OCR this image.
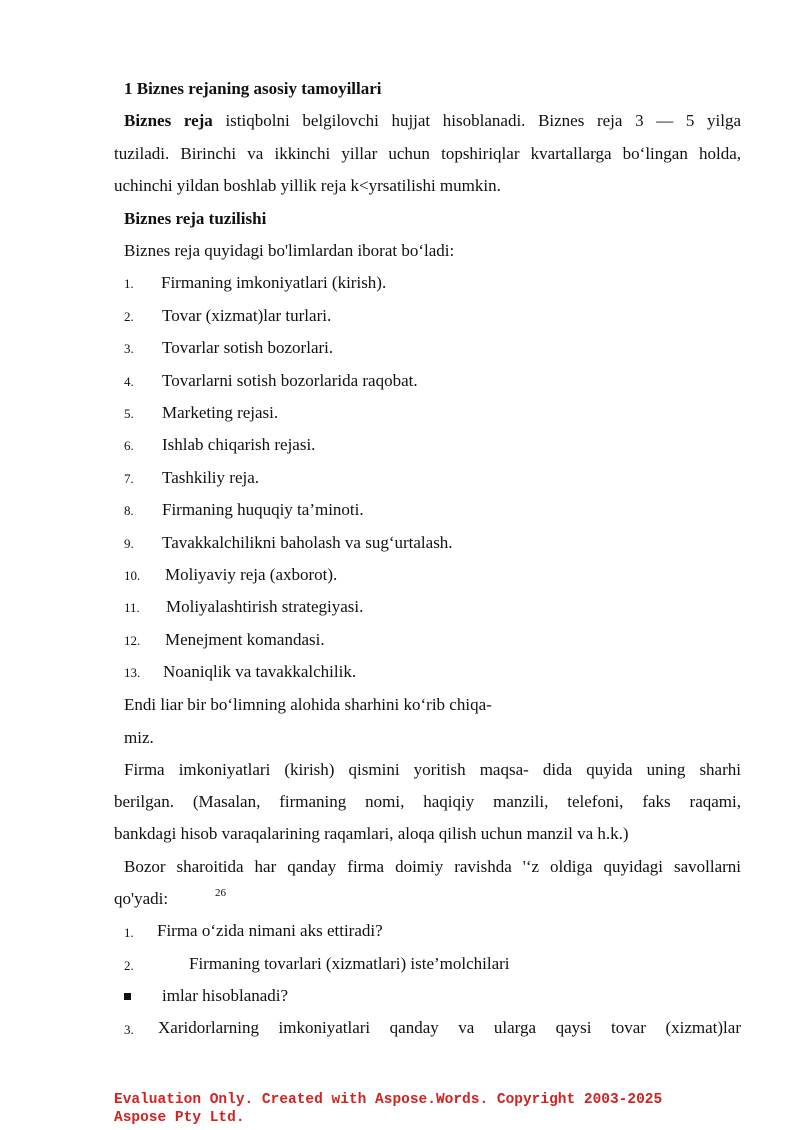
1 Biznes rejaning asosiy tamoyillari
Biznes reja istiqbolni belgilovchi hujjat hisoblanadi. Biznes reja 3 — 5 yilga
tuziladi. Birinchi va ikkinchi yillar uchun topshiriqlar kvartallarga bo‘lingan holda,
uchinchi yildan boshlab yillik reja k<yrsatilishi mumkin.
Biznes reja tuzilishi
Biznes reja quyidagi bo'limlardan iborat bo‘ladi:
1. Firmaning imkoniyatlari (kirish).
2. Tovar (xizmat)lar turlari.
3. Tovarlar sotish bozorlari.
4. Tovarlarni sotish bozorlarida raqobat.
5. Marketing rejasi.
6. Ishlab chiqarish rejasi.
7. Tashkiliy reja.
8. Firmaning huquqiy ta’minoti.
9. Tavakkalchilikni baholash va sug‘urtalash.
10. Moliyaviy reja (axborot).
11. Moliyalashtirish strategiyasi.
12. Menejment komandasi.
13. Noaniqlik va tavakkalchilik.
Endi liar bir bo‘limning alohida sharhini ko‘rib chiqa-
miz.
Firma imkoniyatlari (kirish) qismini yoritish maqsa- dida quyida uning sharhi
berilgan. (Masalan, firmaning nomi, haqiqiy manzili, telefoni, faks raqami,
bankdagi hisob varaqalarining raqamlari, aloqa qilish uchun manzil va h.k.)
Bozor sharoitida har qanday firma doimiy ravishda '‘z oldiga quyidagi savollarni
qo'yadi:	26
1. Firma o‘zida nimani aks ettiradi?
2.	Firmaning tovarlari (xizmatlari) iste’molchilari
imlar hisoblanadi?
3. Xaridorlarning imkoniyatlari qanday va ularga qaysi tovar (xizmat)lar
Evaluation Only. Created with Aspose.Words. Copyright 2003-2025
Aspose Pty Ltd.
